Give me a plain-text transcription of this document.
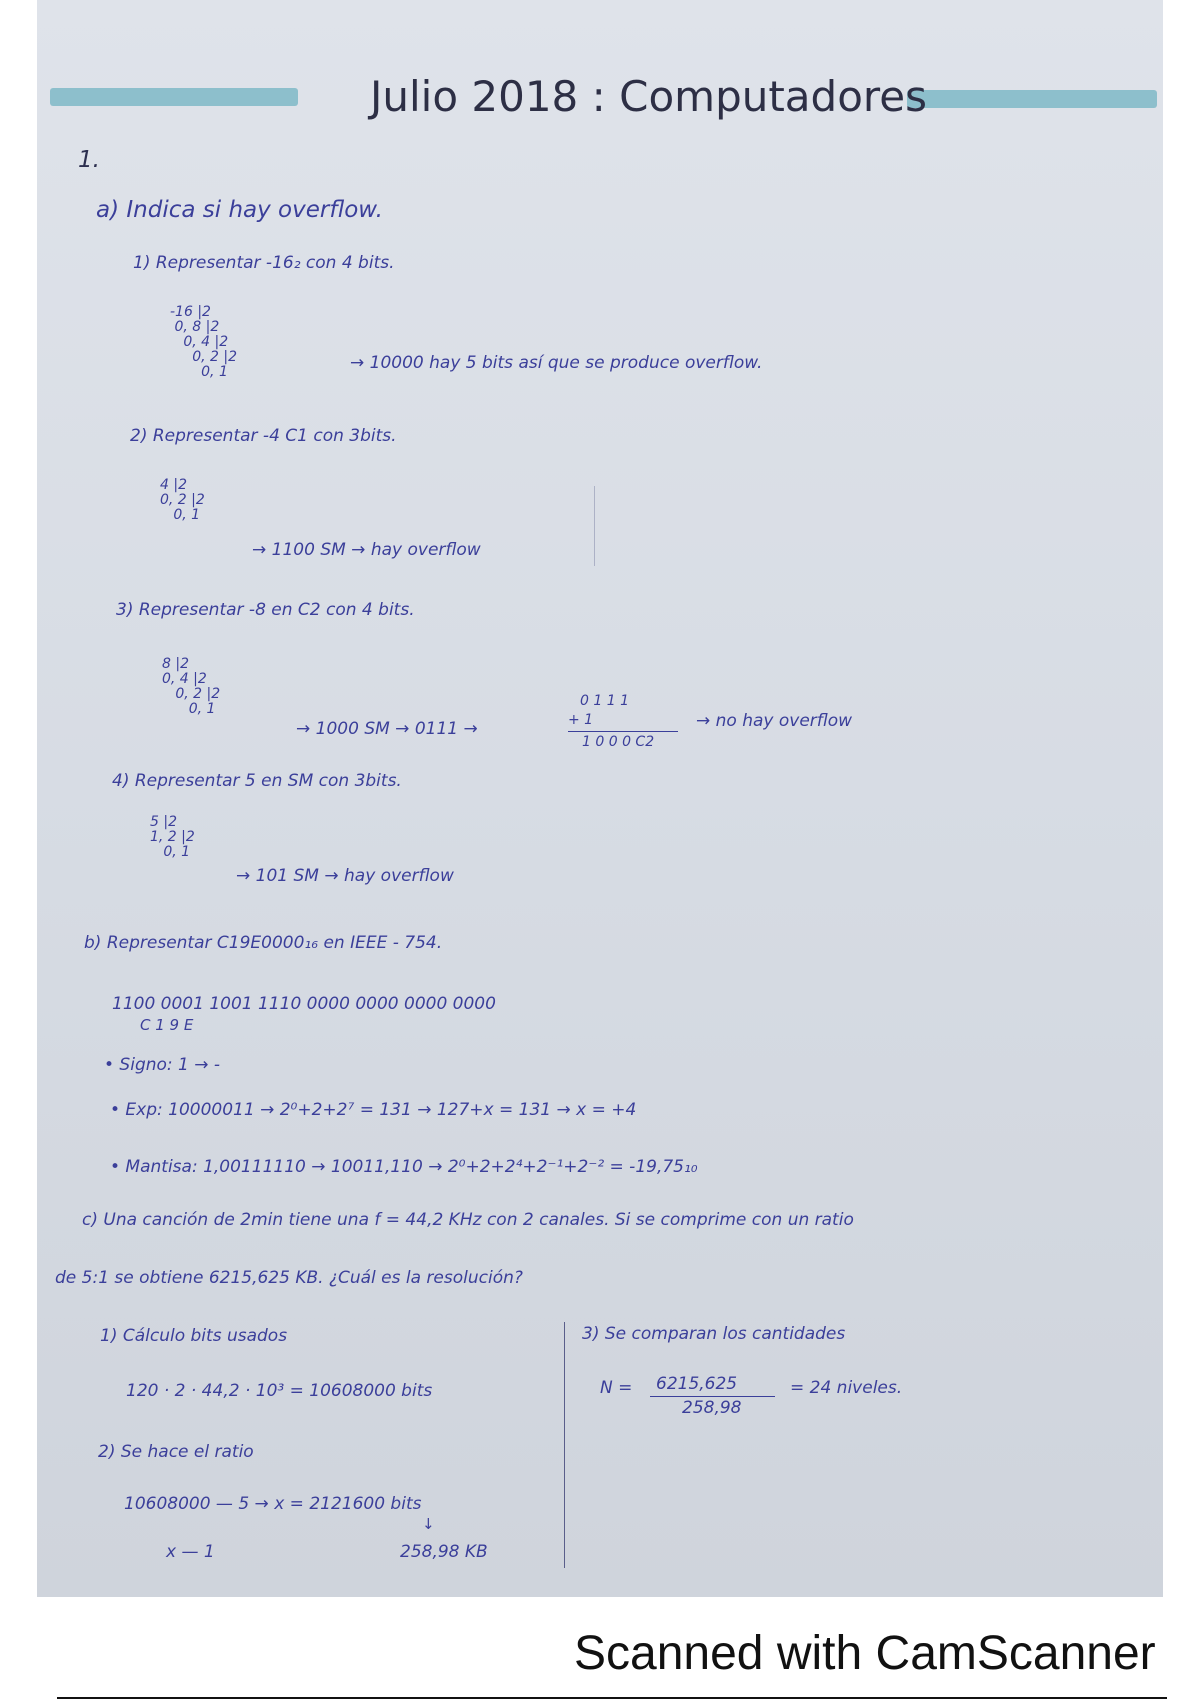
Julio 2018 : Computadores
1.
a) Indica si hay overflow.
1) Representar -16₂ con 4 bits.
-16 |2
0, 8 |2
0, 4 |2
0, 2 |2
0, 1	→ 10000 hay 5 bits así que se produce overflow.
2) Representar -4 C1 con 3bits.
4 |2
0, 2 |2
0, 1
→ 1100 SM → hay overflow
3) Representar -8 en C2 con 4 bits.
8 |2
0, 4 |2
0, 2 |2
0, 1
→ 1000 SM → 0111 →
0 1 1 1
+ 1
1 0 0 0 C2
→ no hay overflow
4) Representar 5 en SM con 3bits.
5 |2
1, 2 |2
0, 1
→ 101 SM → hay overflow
b) Representar C19E0000₁₆ en IEEE - 754.
1100 0001 1001 1110 0000 0000 0000 0000
C 1 9 E
• Signo: 1 → -
• Exp: 10000011 → 2⁰+2+2⁷ = 131 → 127+x = 131 → x = +4
• Mantisa: 1,00111110 → 10011,110 → 2⁰+2+2⁴+2⁻¹+2⁻² = -19,75₁₀
c) Una canción de 2min tiene una f = 44,2 KHz con 2 canales. Si se comprime con un ratio
de 5:1 se obtiene 6215,625 KB. ¿Cuál es la resolución?
1) Cálculo bits usados
120 · 2 · 44,2 · 10³ = 10608000 bits
2) Se hace el ratio
10608000 — 5 → x = 2121600 bits
↓
x — 1	258,98 KB
3) Se comparan los cantidades
N = 6215,625
258,98
= 24 niveles.
Scanned with CamScanner
